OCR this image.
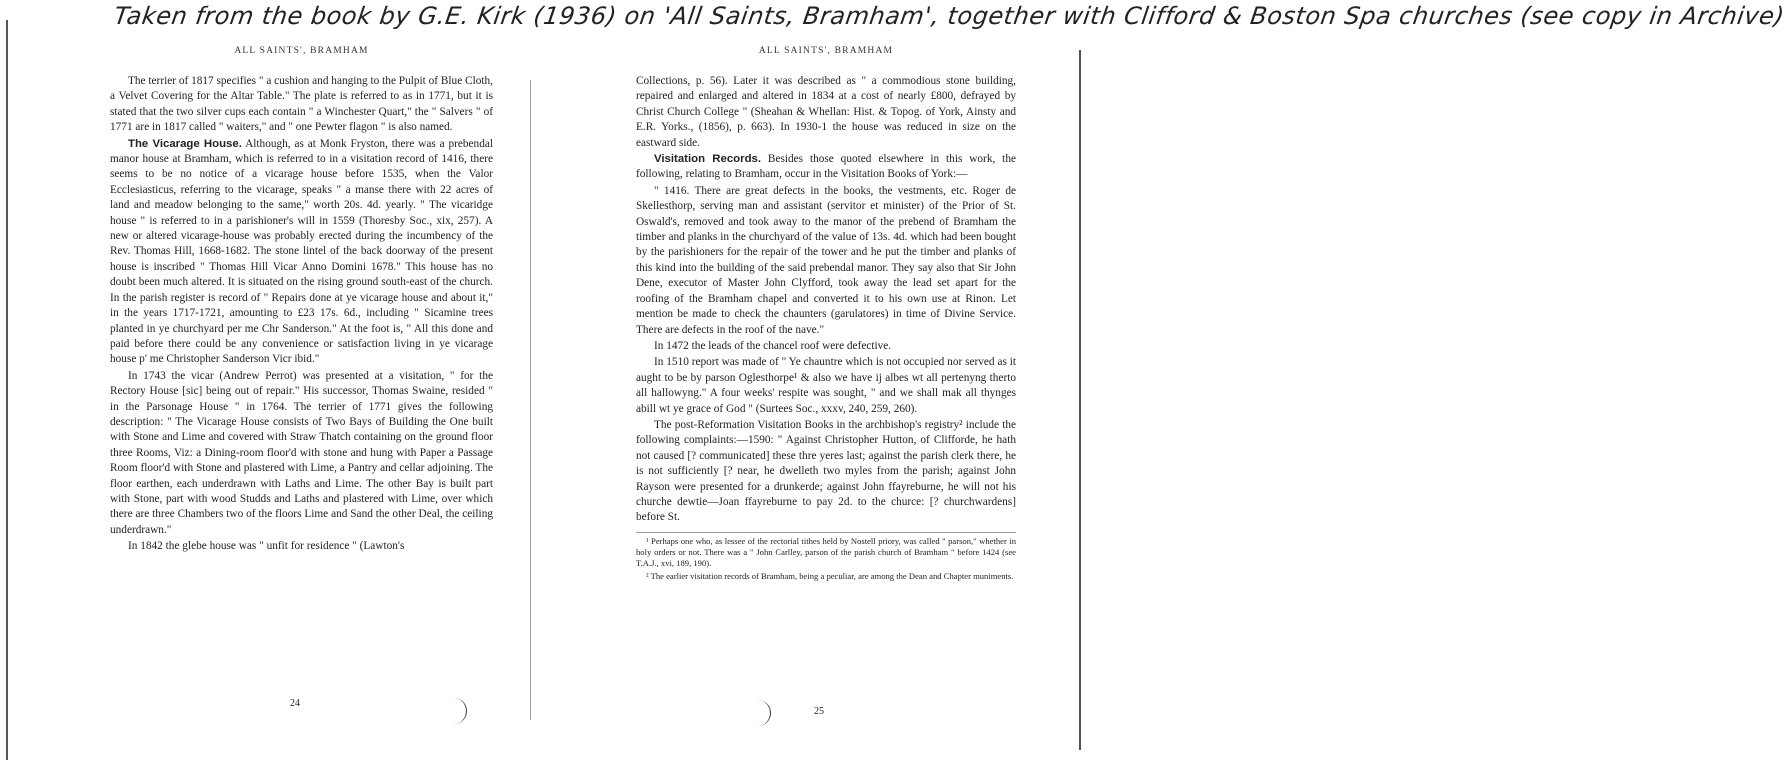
Taken from the book by G.E. Kirk (1936) on 'All Saints, Bramham', together with Clifford & Boston Spa churches (see copy in Archive)
ALL SAINTS', BRAMHAM

The terrier of 1817 specifies " a cushion and hanging to the Pulpit of Blue Cloth, a Velvet Covering for the Altar Table." The plate is referred to as in 1771, but it is stated that the two silver cups each contain " a Winchester Quart," the " Salvers " of 1771 are in 1817 called " waiters," and " one Pewter flagon " is also named.

The Vicarage House. Although, as at Monk Fryston, there was a prebendal manor house at Bramham, which is referred to in a visitation record of 1416, there seems to be no notice of a vicarage house before 1535, when the Valor Ecclesiasticus, referring to the vicarage, speaks " a manse there with 22 acres of land and meadow belonging to the same," worth 20s. 4d. yearly. " The vicaridge house " is referred to in a parishioner's will in 1559 (Thoresby Soc., xix, 257). A new or altered vicarage-house was probably erected during the incumbency of the Rev. Thomas Hill, 1668-1682. The stone lintel of the back doorway of the present house is inscribed " Thomas Hill Vicar Anno Domini 1678." This house has no doubt been much altered. It is situated on the rising ground south-east of the church. In the parish register is record of " Repairs done at ye vicarage house and about it," in the years 1717-1721, amounting to £23 17s. 6d., including " Sicamine trees planted in ye churchyard per me Chr Sanderson." At the foot is, " All this done and paid before there could be any convenience or satisfaction living in ye vicarage house p' me Christopher Sanderson Vicr ibid."

In 1743 the vicar (Andrew Perrot) was presented at a visitation, " for the Rectory House [sic] being out of repair." His successor, Thomas Swaine, resided " in the Parsonage House " in 1764. The terrier of 1771 gives the following description: " The Vicarage House consists of Two Bays of Building the One built with Stone and Lime and covered with Straw Thatch containing on the ground floor three Rooms, Viz: a Dining-room floor'd with stone and hung with Paper a Passage Room floor'd with Stone and plastered with Lime, a Pantry and cellar adjoining. The floor earthen, each underdrawn with Laths and Lime. The other Bay is built part with Stone, part with wood Studds and Laths and plastered with Lime, over which there are three Chambers two of the floors Lime and Sand the other Deal, the ceiling underdrawn."

In 1842 the glebe house was " unfit for residence " (Lawton's

24
ALL SAINTS', BRAMHAM

Collections, p. 56). Later it was described as " a commodious stone building, repaired and enlarged and altered in 1834 at a cost of nearly £800, defrayed by Christ Church College " (Sheahan & Whellan: Hist. & Topog. of York, Ainsty and E.R. Yorks., (1856), p. 663). In 1930-1 the house was reduced in size on the eastward side.

Visitation Records. Besides those quoted elsewhere in this work, the following, relating to Bramham, occur in the Visitation Books of York:—

" 1416. There are great defects in the books, the vestments, etc. Roger de Skellesthorp, serving man and assistant (servitor et minister) of the Prior of St. Oswald's, removed and took away to the manor of the prebend of Bramham the timber and planks in the churchyard of the value of 13s. 4d. which had been bought by the parishioners for the repair of the tower and he put the timber and planks of this kind into the building of the said prebendal manor. They say also that Sir John Dene, executor of Master John Clyfford, took away the lead set apart for the roofing of the Bramham chapel and converted it to his own use at Rinon. Let mention be made to check the chaunters (garulatores) in time of Divine Service. There are defects in the roof of the nave."

In 1472 the leads of the chancel roof were defective.

In 1510 report was made of " Ye chauntre which is not occupied nor served as it aught to be by parson Oglesthorpe¹ & also we have ij albes wt all pertenyng therto all hallowyng." A four weeks' respite was sought, " and we shall mak all thynges abill wt ye grace of God " (Surtees Soc., xxxv, 240, 259, 260).

The post-Reformation Visitation Books in the archbishop's registry² include the following complaints:—1590: " Against Christopher Hutton, of Clifforde, he hath not caused [? communicated] these thre yeres last; against the parish clerk there, he is not sufficiently [? near, he dwelleth two myles from the parish; against John Rayson were presented for a drunkerde; against John ffayreburne, he will not his churche dewtie—Joan ffayreburne to pay 2d. to the churce: [? churchwardens] before St.

¹ Perhaps one who, as lessee of the rectorial tithes held by Nostell priory, was called " parson," whether in holy orders or not. There was a " John Carlley, parson of the parish church of Bramham " before 1424 (see T.A.J., xvi, 189, 190).

² The earlier visitation records of Bramham, being a peculiar, are among the Dean and Chapter muniments.

25
